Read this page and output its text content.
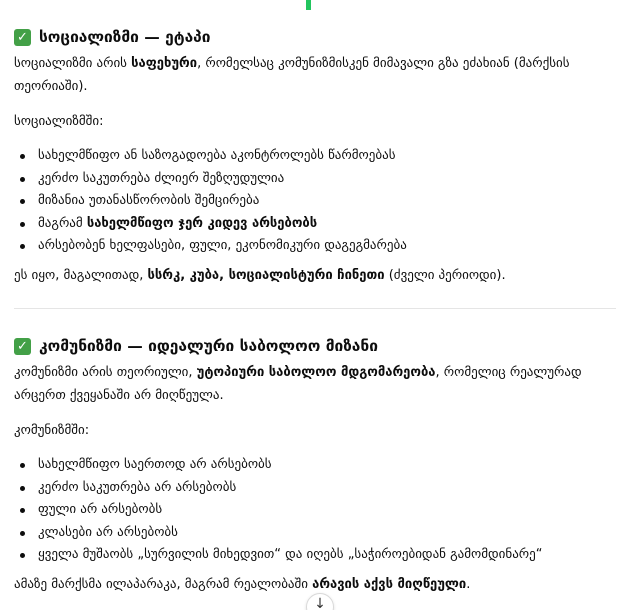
✓ სოციალიზმი — ეტაპი

სოციალიზმი არის საფეხური, რომელსაც კომუნიზმისკენ მიმავალი გზა ეძახიან (მარქსის თეორიაში).

სოციალიზმში:

სახელმწიფო ან საზოგადოება აკონტროლებს წარმოებას
კერძო საკუთრება ძლიერ შეზღუდულია
მიზანია უთანასწორობის შემცირება
მაგრამ სახელმწიფო ჯერ კიდევ არსებობს
არსებობენ ხელფასები, ფული, ეკონომიკური დაგეგმარება

ეს იყო, მაგალითად, სსრკ, კუბა, სოციალისტური ჩინეთი (ძველი პერიოდი).

✓ კომუნიზმი — იდეალური საბოლოო მიზანი

კომუნიზმი არის თეორიული, უტოპიური საბოლოო მდგომარეობა, რომელიც რეალურად არცერთ ქვეყანაში არ მიღწეულა.

კომუნიზმში:

სახელმწიფო საერთოდ არ არსებობს
კერძო საკუთრება არ არსებობს
ფული არ არსებობს
კლასები არ არსებობს
ყველა მუშაობს „სურვილის მიხედვით“ და იღებს „საჭიროებიდან გამომდინარე“

ამაზე მარქსმა ილაპარაკა, მაგრამ რეალობაში არავის აქვს მიღწეული.

↓
